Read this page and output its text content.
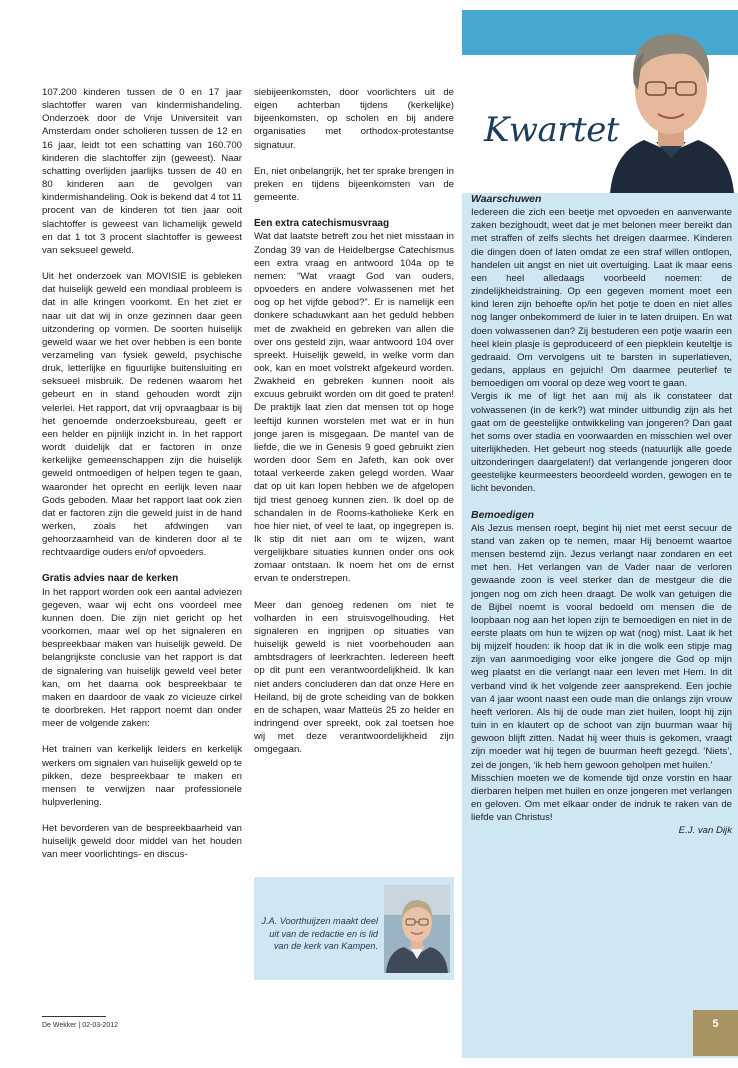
107.200 kinderen tussen de 0 en 17 jaar slachtoffer waren van kindermishandeling. Onderzoek door de Vrije Universiteit van Amsterdam onder scholieren tussen de 12 en 16 jaar, leidt tot een schatting van 160.700 kinderen die slachtoffer zijn (geweest). Naar schatting overlijden jaarlijks tussen de 40 en 80 kinderen aan de gevolgen van kindermishandeling. Ook is bekend dat 4 tot 11 procent van de kinderen tot tien jaar ooit slachtoffer is geweest van lichamelijk geweld en dat 1 tot 3 procent slachtoffer is geweest van seksueel geweld.

Uit het onderzoek van MOVISIE is gebleken dat huiselijk geweld een mondiaal probleem is dat in alle kringen voorkomt. En het ziet er naar uit dat wij in onze gezinnen daar geen uitzondering op vormen. De soorten huiselijk geweld waar we het over hebben is een bonte verzameling van fysiek geweld, psychische druk, letterlijke en figuurlijke buitensluiting en seksueel misbruik. De redenen waarom het gebeurt en in stand gehouden wordt zijn velerlei. Het rapport, dat vrij opvraagbaar is bij het genoemde onderzoeksbureau, geeft er een helder en pijnlijk inzicht in. In het rapport wordt duidelijk dat er factoren in onze kerkelijke gemeenschappen zijn die huiselijk geweld ontmoedigen of helpen tegen te gaan, waaronder het oprecht en eerlijk leven naar Gods geboden. Maar het rapport laat ook zien dat er factoren zijn die geweld juist in de hand werken, zoals het afdwingen van gehoorzaamheid van de kinderen door al te rechtvaardige ouders en/of opvoeders.

Gratis advies naar de kerken

In het rapport worden ook een aantal adviezen gegeven, waar wij echt ons voordeel mee kunnen doen. Die zijn niet gericht op het voorkomen, maar wel op het signaleren en bespreekbaar maken van huiselijk geweld. De belangrijkste conclusie van het rapport is dat de signalering van huiselijk geweld veel beter kan, om het daarna ook bespreekbaar te maken en daardoor de vaak zo vicieuze cirkel te doorbreken. Het rapport noemt dan onder meer de volgende zaken:

Het trainen van kerkelijk leiders en kerkelijk werkers om signalen van huiselijk geweld op te pikken, deze bespreekbaar te maken en mensen te verwijzen naar professionele hulpverlening.

Het bevorderen van de bespreekbaarheid van huiselijk geweld door middel van het houden van meer voorlichtings- en discus-

siebijeenkomsten, door voorlichters uit de eigen achterban tijdens (kerkelijke) bijeenkomsten, op scholen en bij andere organisaties met orthodox-protestantse signatuur.

En, niet onbelangrijk, het ter sprake brengen in preken en tijdens bijeenkomsten van de gemeente.

Een extra catechismusvraag

Wat dat laatste betreft zou het niet misstaan in Zondag 39 van de Heidelbergse Catechismus een extra vraag en antwoord 104a op te nemen: “Wat vraagt God van ouders, opvoeders en andere volwassenen met het oog op het vijfde gebod?”. Er is namelijk een donkere schaduwkant aan het geduld hebben met de zwakheid en gebreken van allen die over ons gesteld zijn, waar antwoord 104 over spreekt. Huiselijk geweld, in welke vorm dan ook, kan en moet volstrekt afgekeurd worden. Zwakheid en gebreken kunnen nooit als excuus gebruikt worden om dit goed te praten! De praktijk laat zien dat mensen tot op hoge leeftijd kunnen worstelen met wat er in hun jonge jaren is misgegaan. De mantel van de liefde, die we in Genesis 9 goed gebruikt zien worden door Sem en Jafeth, kan ook over totaal verkeerde zaken gelegd worden. Waar dat op uit kan lopen hebben we de afgelopen tijd triest genoeg kunnen zien. Ik doel op de schandalen in de Rooms-katholieke Kerk en hoe hier niet, of veel te laat, op ingegrepen is. Ik stip dit niet aan om te wijzen, want vergelijkbare situaties kunnen onder ons ook zomaar ontstaan. Ik noem het om de ernst ervan te onderstrepen.

Meer dan genoeg redenen om niet te volharden in een struisvogelhouding. Het signaleren en ingrijpen op situaties van huiselijk geweld is niet voorbehouden aan ambtsdragers of leerkrachten. Iedereen heeft op dit punt een verantwoordelijkheid. Ik kan niet anders concluderen dan dat onze Here en Heiland, bij de grote scheiding van de bokken en de schapen, waar Matteüs 25 zo helder en indringend over spreekt, ook zal toetsen hoe wij met deze verantwoordelijkheid zijn omgegaan.

J.A. Voorthuijzen maakt deel uit van de redactie en is lid van de kerk van Kampen.
Kwartet
Waarschuwen

Iedereen die zich een beetje met opvoeden en aanverwante zaken bezighoudt, weet dat je met belonen meer bereikt dan met straffen of zelfs slechts het dreigen daarmee. Kinderen die dingen doen of laten omdat ze een straf willen ontlopen, handelen uit angst en niet uit overtuiging. Laat ik maar eens een heel alledaags voorbeeld noemen: de zindelijkheidstraining. Op een gegeven moment moet een kind leren zijn behoefte op/in het potje te doen en niet alles nog langer onbekommerd de luier in te laten druipen. En wat doen volwassenen dan? Zij bestuderen een potje waarin een heel klein plasje is geproduceerd of een piepklein keuteltje is gedraaid. Om vervolgens uit te barsten in superlatieven, gedans, applaus en gejuich! Om daarmee peuterlief te bemoedigen om vooral op deze weg voort te gaan.

Vergis ik me of ligt het aan mij als ik constateer dat volwassenen (in de kerk?) wat minder uitbundig zijn als het gaat om de geestelijke ontwikkeling van jongeren? Dan gaat het soms over stadia en voorwaarden en misschien wel over uiterlijkheden. Het gebeurt nog steeds (natuurlijk alle goede uitzonderingen daargelaten!) dat verlangende jongeren door geestelijke keurmeesters beoordeeld worden, gewogen en te licht bevonden.

Bemoedigen

Als Jezus mensen roept, begint hij niet met eerst secuur de stand van zaken op te nemen, maar Hij benoemt waartoe mensen bestemd zijn. Jezus verlangt naar zondaren en eet met hen. Het verlangen van de Vader naar de verloren gewaande zoon is veel sterker dan de mestgeur die die jongen nog om zich heen draagt. De wolk van getuigen die de Bijbel noemt is vooral bedoeld om mensen die de loopbaan nog aan het lopen zijn te bemoedigen en niet in de eerste plaats om hun te wijzen op wat (nog) mist. Laat ik het bij mijzelf houden: ik hoop dat ik in die wolk een stipje mag zijn van aanmoediging voor elke jongere die God op mijn weg plaatst en die verlangt naar een leven met Hem. In dit verband vind ik het volgende zeer aansprekend. Een jochie van 4 jaar woont naast een oude man die onlangs zijn vrouw heeft verloren. Als hij de oude man ziet huilen, loopt hij zijn tuin in en klautert op de schoot van zijn buurman waar hij gewoon blijft zitten. Nadat hij weer thuis is gekomen, vraagt zijn moeder wat hij tegen de buurman heeft gezegd. ‘Niets’, zei de jongen, ‘ik heb hem gewoon geholpen met huilen.’

Misschien moeten we de komende tijd onze vorstin en haar dierbaren helpen met huilen en onze jongeren met verlangen en geloven. Om met elkaar onder de indruk te raken van de liefde van Christus!

E.J. van Dijk

De Wekker | 02-03-2012	5
